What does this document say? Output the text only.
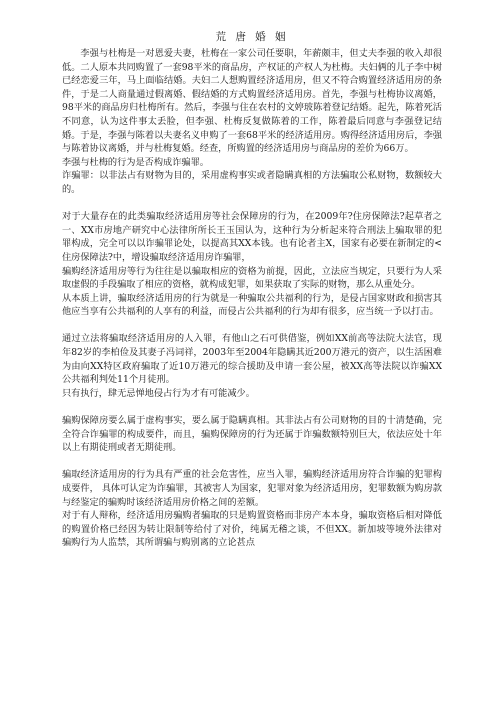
荒 唐 婚 姻

李强与杜梅是一对恩爱夫妻，杜梅在一家公司任要职，年薪颇丰，但丈夫李强的收入却很低。二人原本共同购置了一套98平米的商品房，产权证的产权人为杜梅。夫妇俩的儿子李中树已经恋爱三年，马上面临结婚。夫妇二人想购置经济适用房，但又不符合购置经济适用房的条件，于是二人商量通过假离婚、假结婚的方式购置经济适用房。首先，李强与杜梅协议离婚，98平米的商品房归杜梅所有。然后，李强与住在农村的文婷玻陈着登记结婚。起先，陈着死活不同意，认为这件事太丢脸，但李强、杜梅反复做陈着的工作，陈着最后同意与李强登记结婚。于是，李强与陈着以夫妻名义申购了一套68平米的经济适用房。购得经济适用房后，李强与陈着协议离婚，并与杜梅复婚。经查，所购置的经济适用房与商品房的差价为66万。

李强与杜梅的行为是否构成诈骗罪。

诈骗罪：以非法占有财物为目的，采用虚构事实或者隐瞒真相的方法骗取公私财物，数额较大的。

对于大量存在的此类骗取经济适用房等社会保障房的行为，在2009年?住房保障法?起草者之一、XX市房地产研究中心法律所所长王玉国认为，这种行为分析起来符合刑法上骗取罪的犯罪构成，完全可以以诈骗罪论处，以提高其XX本钱。也有论者主X，国家有必要在新制定的<住房保障法?中，增设骗取经济适用房诈骗罪，

骗购经济适用房等行为往往是以骗取相应的资格为前提，因此，立法应当规定，只要行为人采取虚假的手段骗取了相应的资格，就构成犯罪，如果获取了实际的财物，那么从重处分。

从本质上讲，骗取经济适用房的行为就是一种骗取公共福利的行为，是侵占国家财政和损害其他应当享有公共福利的人享有的利益，而侵占公共福利的行为却有很多，应当统一予以打击。

通过立法将骗取经济适用房的人入罪，有他山之石可供借鉴，例如XX前高等法院大法官，现年82岁的李柏俭及其妻子冯词祥，2003年至2004年隐瞒其近200万港元的资产，以生活困难为由向XX特区政府骗取了近10万港元的综合援助及申请一套公屋，被XX高等法院以诈骗XX公共福利判处11个月徒刑。

只有执行，肆无忌惮地侵占行为才有可能减少。

骗购保障房要么属于虚构事实，要么属于隐瞒真相。其非法占有公司财物的目的十清楚确，完全符合诈骗罪的构成要件，而且，骗购保障房的行为还属于诈骗数额特别巨大，依法应处十年以上有期徒刑或者无期徒刑。

骗取经济适用房的行为具有严重的社会危害性，应当入罪，骗购经济适用房符合诈骗的犯罪构成要件， 具体可认定为诈骗罪，其被害人为国家，犯罪对象为经济适用房，犯罪数额为购房款与经鉴定的骗购时该经济适用房价格之间的差额。

对于有人辩称，经济适用房骗购者骗取的只是购置资格而非房产本本身，骗取资格后相对降低的购置价格已经因为转让限制等给付了对价，纯属无稽之谈，不但XX。新加坡等境外法律对骗购行为人监禁，其所谓骗与购别离的立论甚点
